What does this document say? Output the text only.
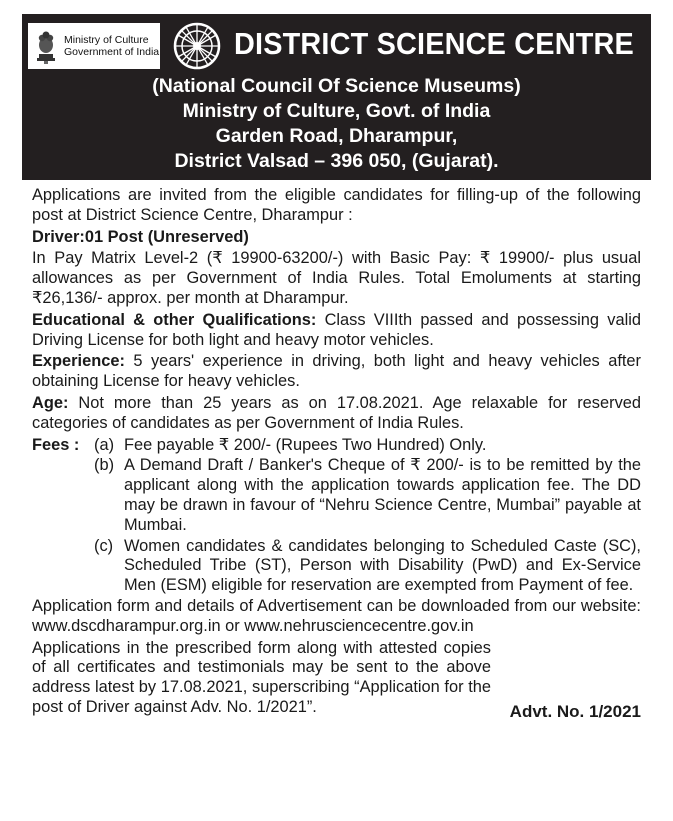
Ministry of Culture
Government of India DISTRICT SCIENCE CENTRE
(National Council Of Science Museums)
Ministry of Culture, Govt. of India
Garden Road, Dharampur,
District Valsad – 396 050, (Gujarat).

Applications are invited from the eligible candidates for filling-up of the following post at District Science Centre, Dharampur :

Driver:01 Post (Unreserved)

In Pay Matrix Level-2 (₹ 19900-63200/-) with Basic Pay: ₹ 19900/- plus usual allowances as per Government of India Rules. Total Emoluments at starting ₹26,136/- approx. per month at Dharampur.

Educational & other Qualifications: Class VIIIth passed and possessing valid Driving License for both light and heavy motor vehicles.

Experience: 5 years' experience in driving, both light and heavy vehicles after obtaining License for heavy vehicles.

Age: Not more than 25 years as on 17.08.2021. Age relaxable for reserved categories of candidates as per Government of India Rules.

Fees : (a) Fee payable ₹ 200/- (Rupees Two Hundred) Only.
(b) A Demand Draft / Banker's Cheque of ₹ 200/- is to be remitted by the applicant along with the application towards application fee. The DD may be drawn in favour of “Nehru Science Centre, Mumbai” payable at Mumbai.
(c) Women candidates & candidates belonging to Scheduled Caste (SC), Scheduled Tribe (ST), Person with Disability (PwD) and Ex-Service Men (ESM) eligible for reservation are exempted from Payment of fee.

Application form and details of Advertisement can be downloaded from our website: www.dscdharampur.org.in or www.nehrusciencecentre.gov.in

Applications in the prescribed form along with attested copies of all certificates and testimonials may be sent to the above address latest by 17.08.2021, superscribing “Application for the post of Driver against Adv. No. 1/2021”.	Advt. No. 1/2021
